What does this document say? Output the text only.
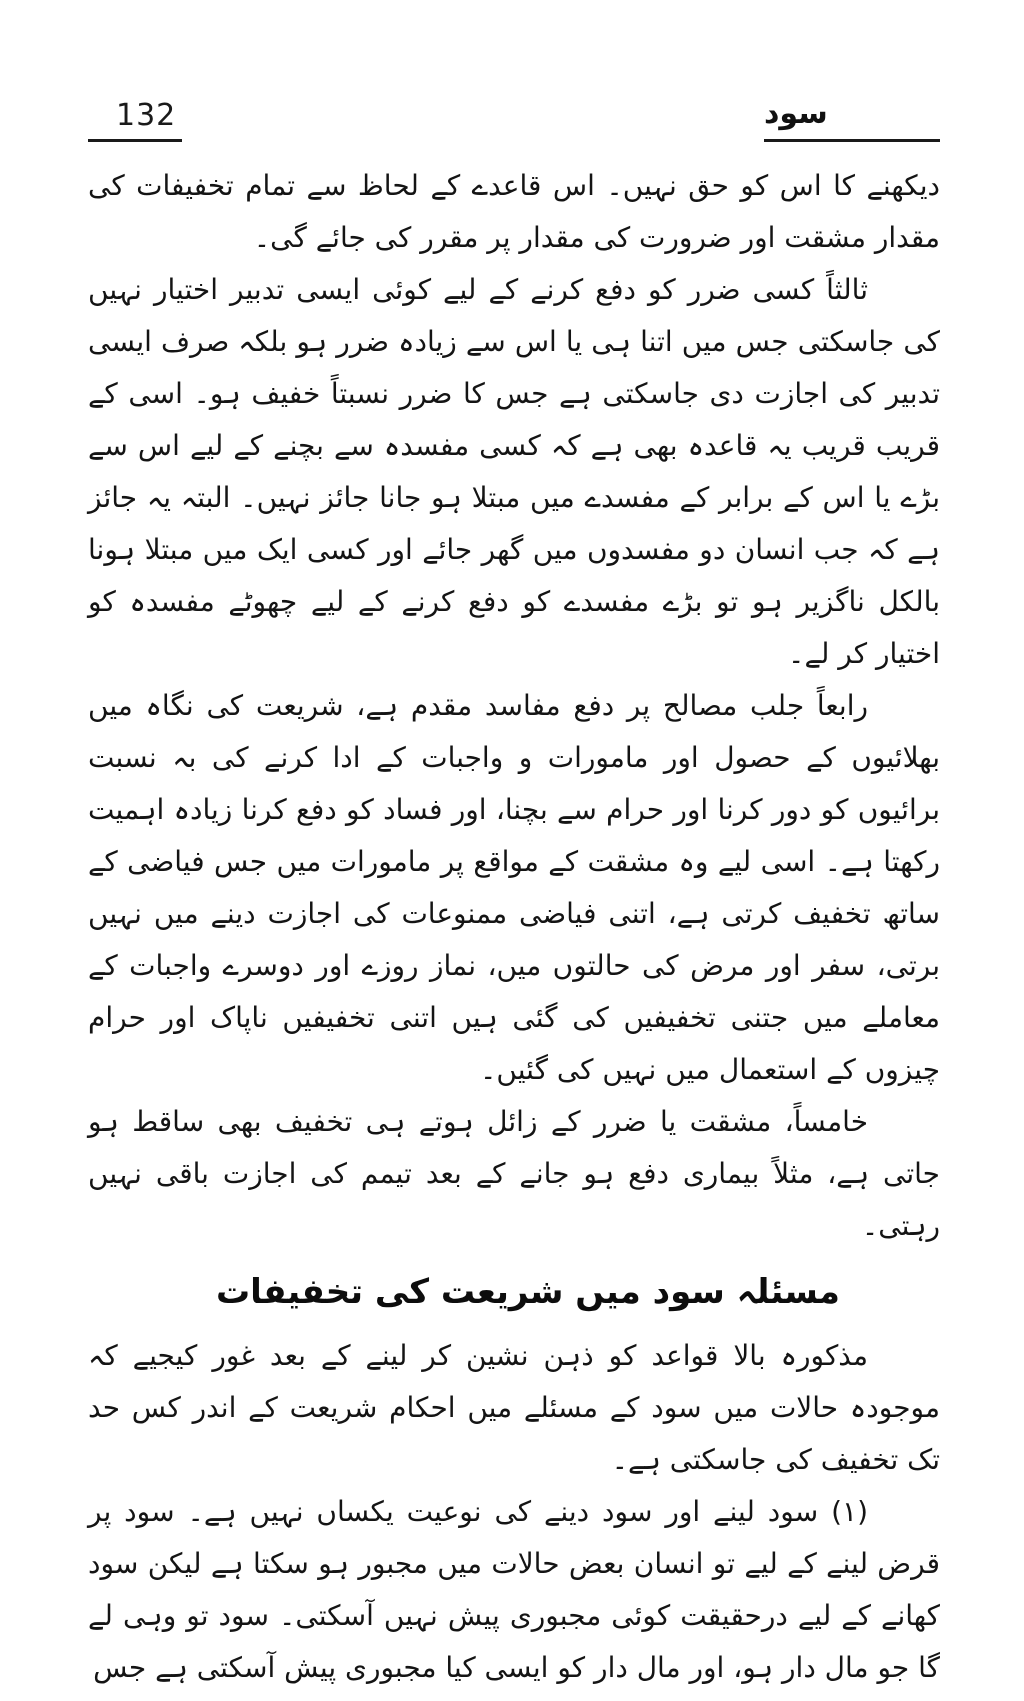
132	سود

دیکھنے کا اس کو حق نہیں۔ اس قاعدے کے لحاظ سے تمام تخفیفات کی مقدار مشقت اور ضرورت کی مقدار پر مقرر کی جائے گی۔

ثالثاً کسی ضرر کو دفع کرنے کے لیے کوئی ایسی تدبیر اختیار نہیں کی جاسکتی جس میں اتنا ہی یا اس سے زیادہ ضرر ہو بلکہ صرف ایسی تدبیر کی اجازت دی جاسکتی ہے جس کا ضرر نسبتاً خفیف ہو۔ اسی کے قریب قریب یہ قاعدہ بھی ہے کہ کسی مفسدہ سے بچنے کے لیے اس سے بڑے یا اس کے برابر کے مفسدے میں مبتلا ہو جانا جائز نہیں۔ البتہ یہ جائز ہے کہ جب انسان دو مفسدوں میں گھر جائے اور کسی ایک میں مبتلا ہونا بالکل ناگزیر ہو تو بڑے مفسدے کو دفع کرنے کے لیے چھوٹے مفسدہ کو اختیار کر لے۔

رابعاً جلب مصالح پر دفع مفاسد مقدم ہے، شریعت کی نگاہ میں بھلائیوں کے حصول اور مامورات و واجبات کے ادا کرنے کی بہ نسبت برائیوں کو دور کرنا اور حرام سے بچنا، اور فساد کو دفع کرنا زیادہ اہمیت رکھتا ہے۔ اسی لیے وہ مشقت کے مواقع پر مامورات میں جس فیاضی کے ساتھ تخفیف کرتی ہے، اتنی فیاضی ممنوعات کی اجازت دینے میں نہیں برتی، سفر اور مرض کی حالتوں میں، نماز روزے اور دوسرے واجبات کے معاملے میں جتنی تخفیفیں کی گئی ہیں اتنی تخفیفیں ناپاک اور حرام چیزوں کے استعمال میں نہیں کی گئیں۔

خامساً، مشقت یا ضرر کے زائل ہوتے ہی تخفیف بھی ساقط ہو جاتی ہے، مثلاً بیماری دفع ہو جانے کے بعد تیمم کی اجازت باقی نہیں رہتی۔

مسئلہ سود میں شریعت کی تخفیفات

مذکورہ بالا قواعد کو ذہن نشین کر لینے کے بعد غور کیجیے کہ موجودہ حالات میں سود کے مسئلے میں احکام شریعت کے اندر کس حد تک تخفیف کی جاسکتی ہے۔

(۱) سود لینے اور سود دینے کی نوعیت یکساں نہیں ہے۔ سود پر قرض لینے کے لیے تو انسان بعض حالات میں مجبور ہو سکتا ہے لیکن سود کھانے کے لیے درحقیقت کوئی مجبوری پیش نہیں آسکتی۔ سود تو وہی لے گا جو مال دار ہو، اور مال دار کو ایسی کیا مجبوری پیش آسکتی ہے جس
